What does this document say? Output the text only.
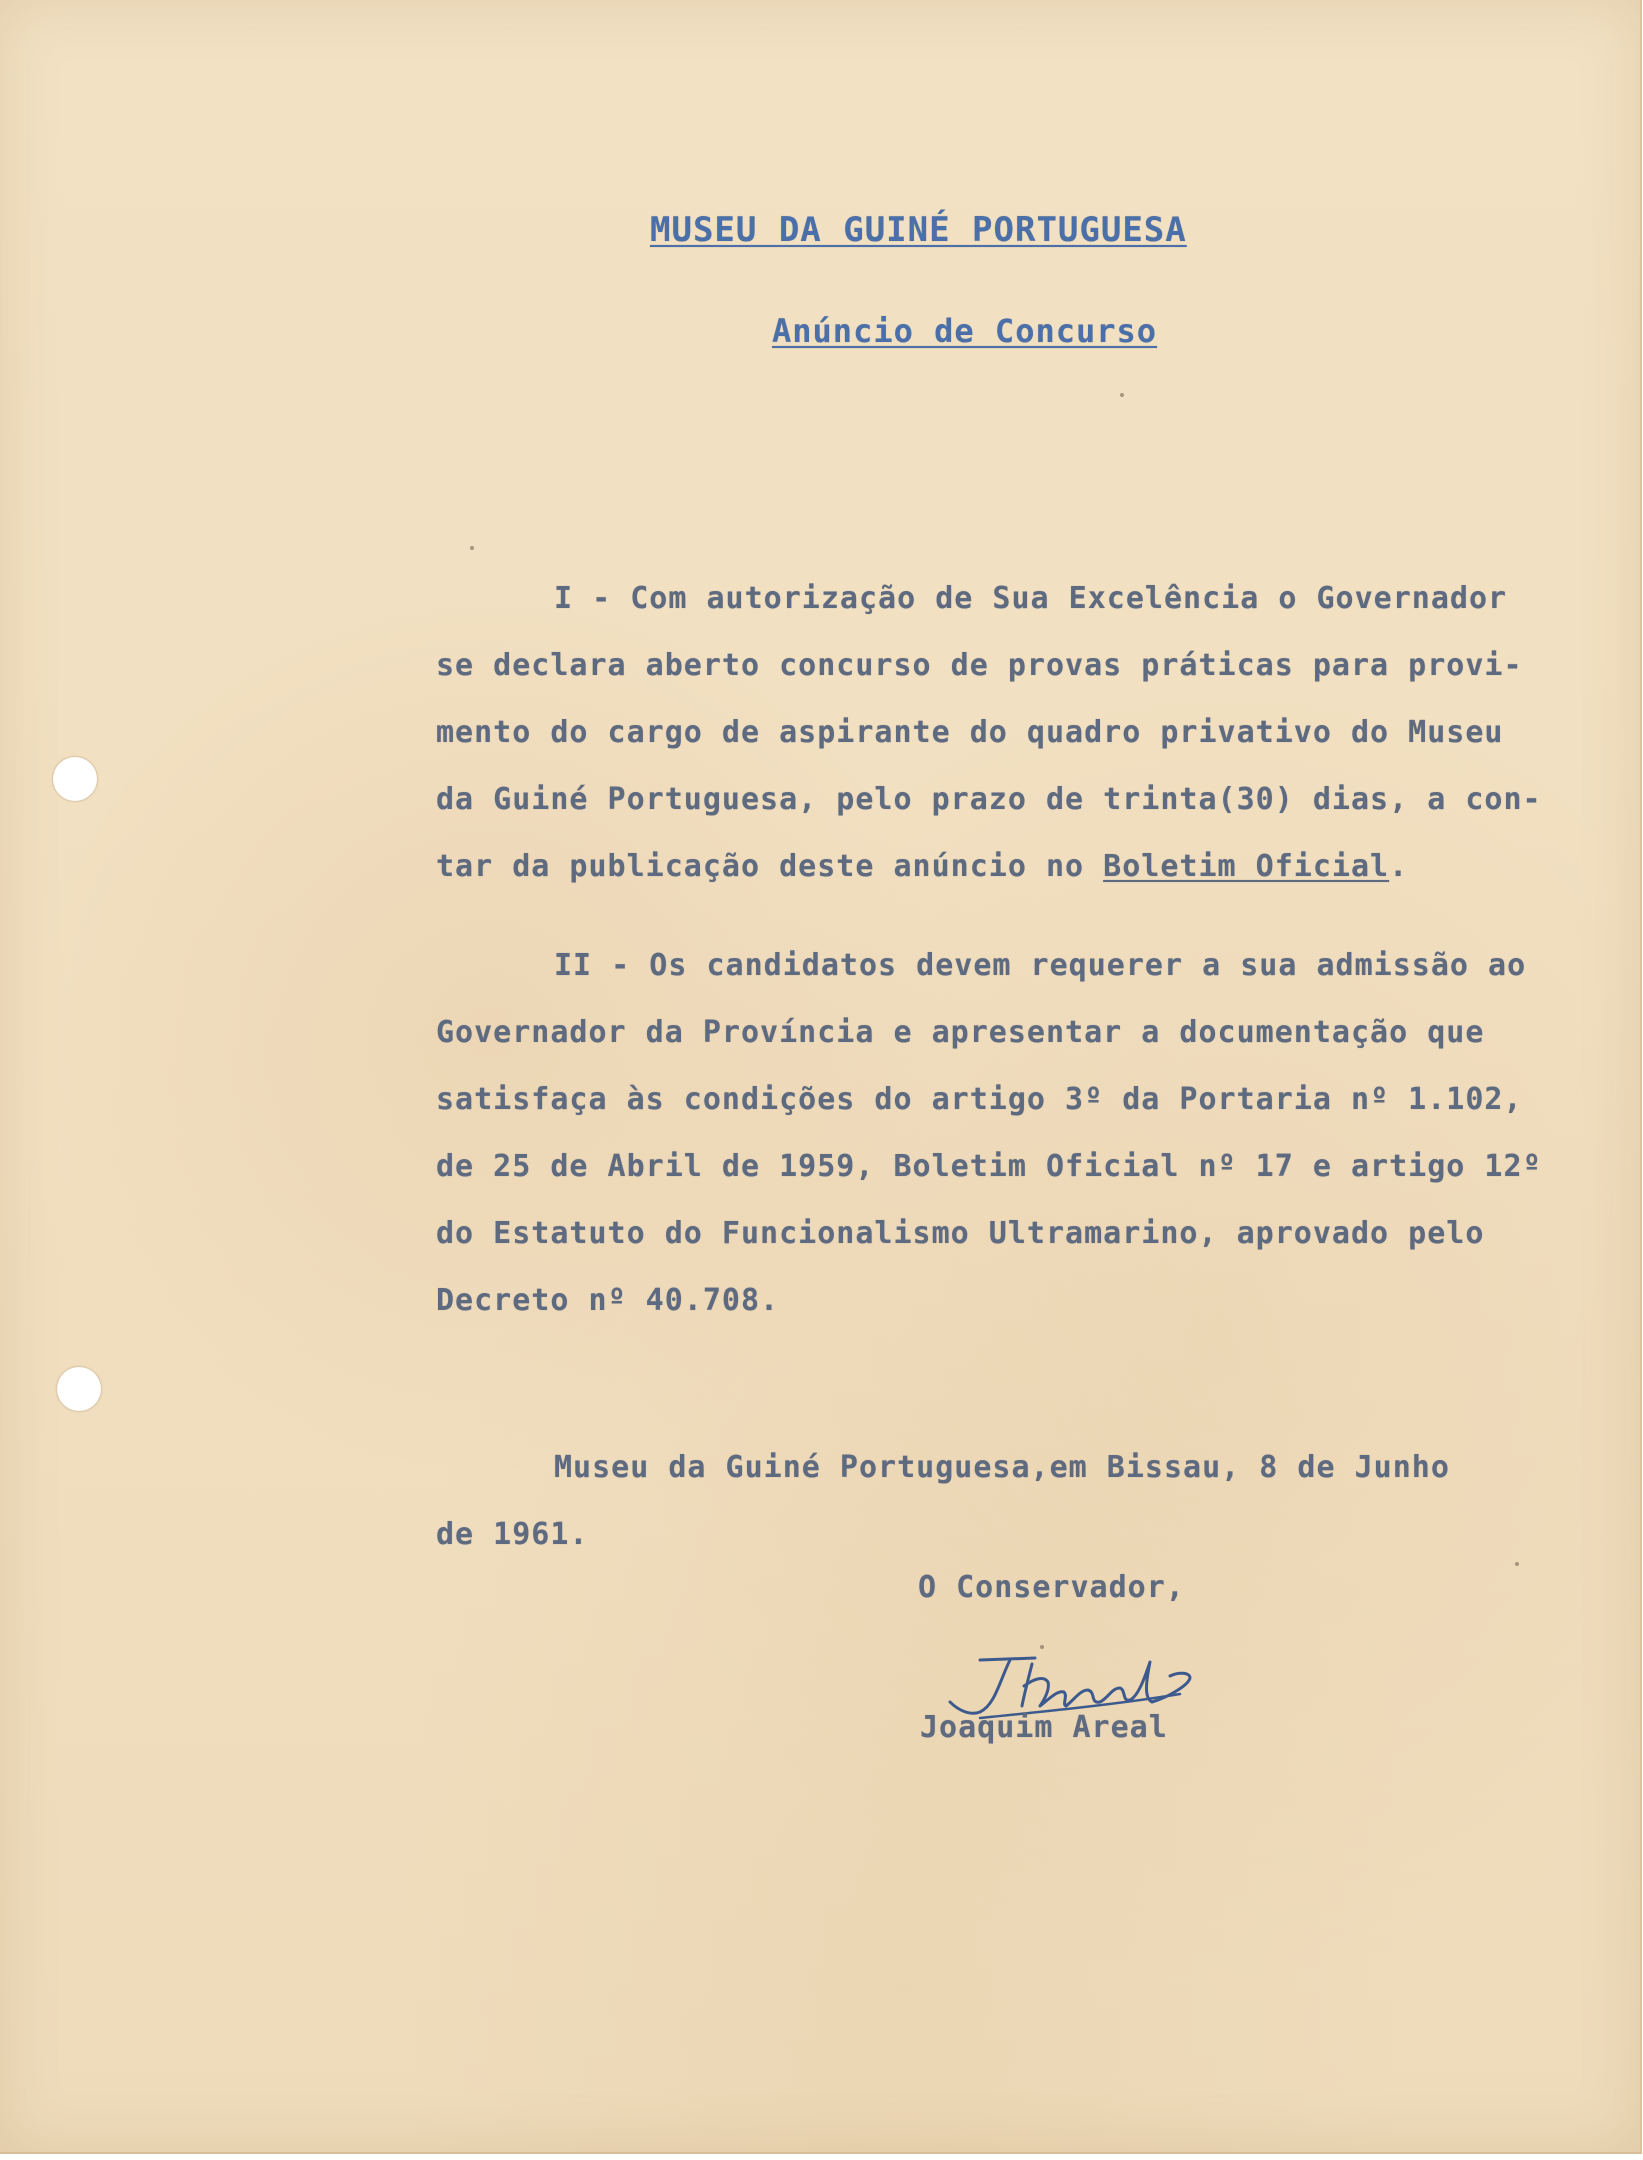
MUSEU DA GUINÉ PORTUGUESA
Anúncio de Concurso
I - Com autorização de Sua Excelência o Governador
se declara aberto concurso de provas práticas para provi-
mento do cargo de aspirante do quadro privativo do Museu
da Guiné Portuguesa, pelo prazo de trinta(30) dias, a con-
tar da publicação deste anúncio no Boletim Oficial.
II - Os candidatos devem requerer a sua admissão ao
Governador da Província e apresentar a documentação que
satisfaça às condições do artigo 3º da Portaria nº 1.102,
de 25 de Abril de 1959, Boletim Oficial nº 17 e artigo 12º
do Estatuto do Funcionalismo Ultramarino, aprovado pelo
Decreto nº 40.708.
Museu da Guiné Portuguesa,em Bissau, 8 de Junho
de 1961.
O Conservador,
Joaquim Areal
